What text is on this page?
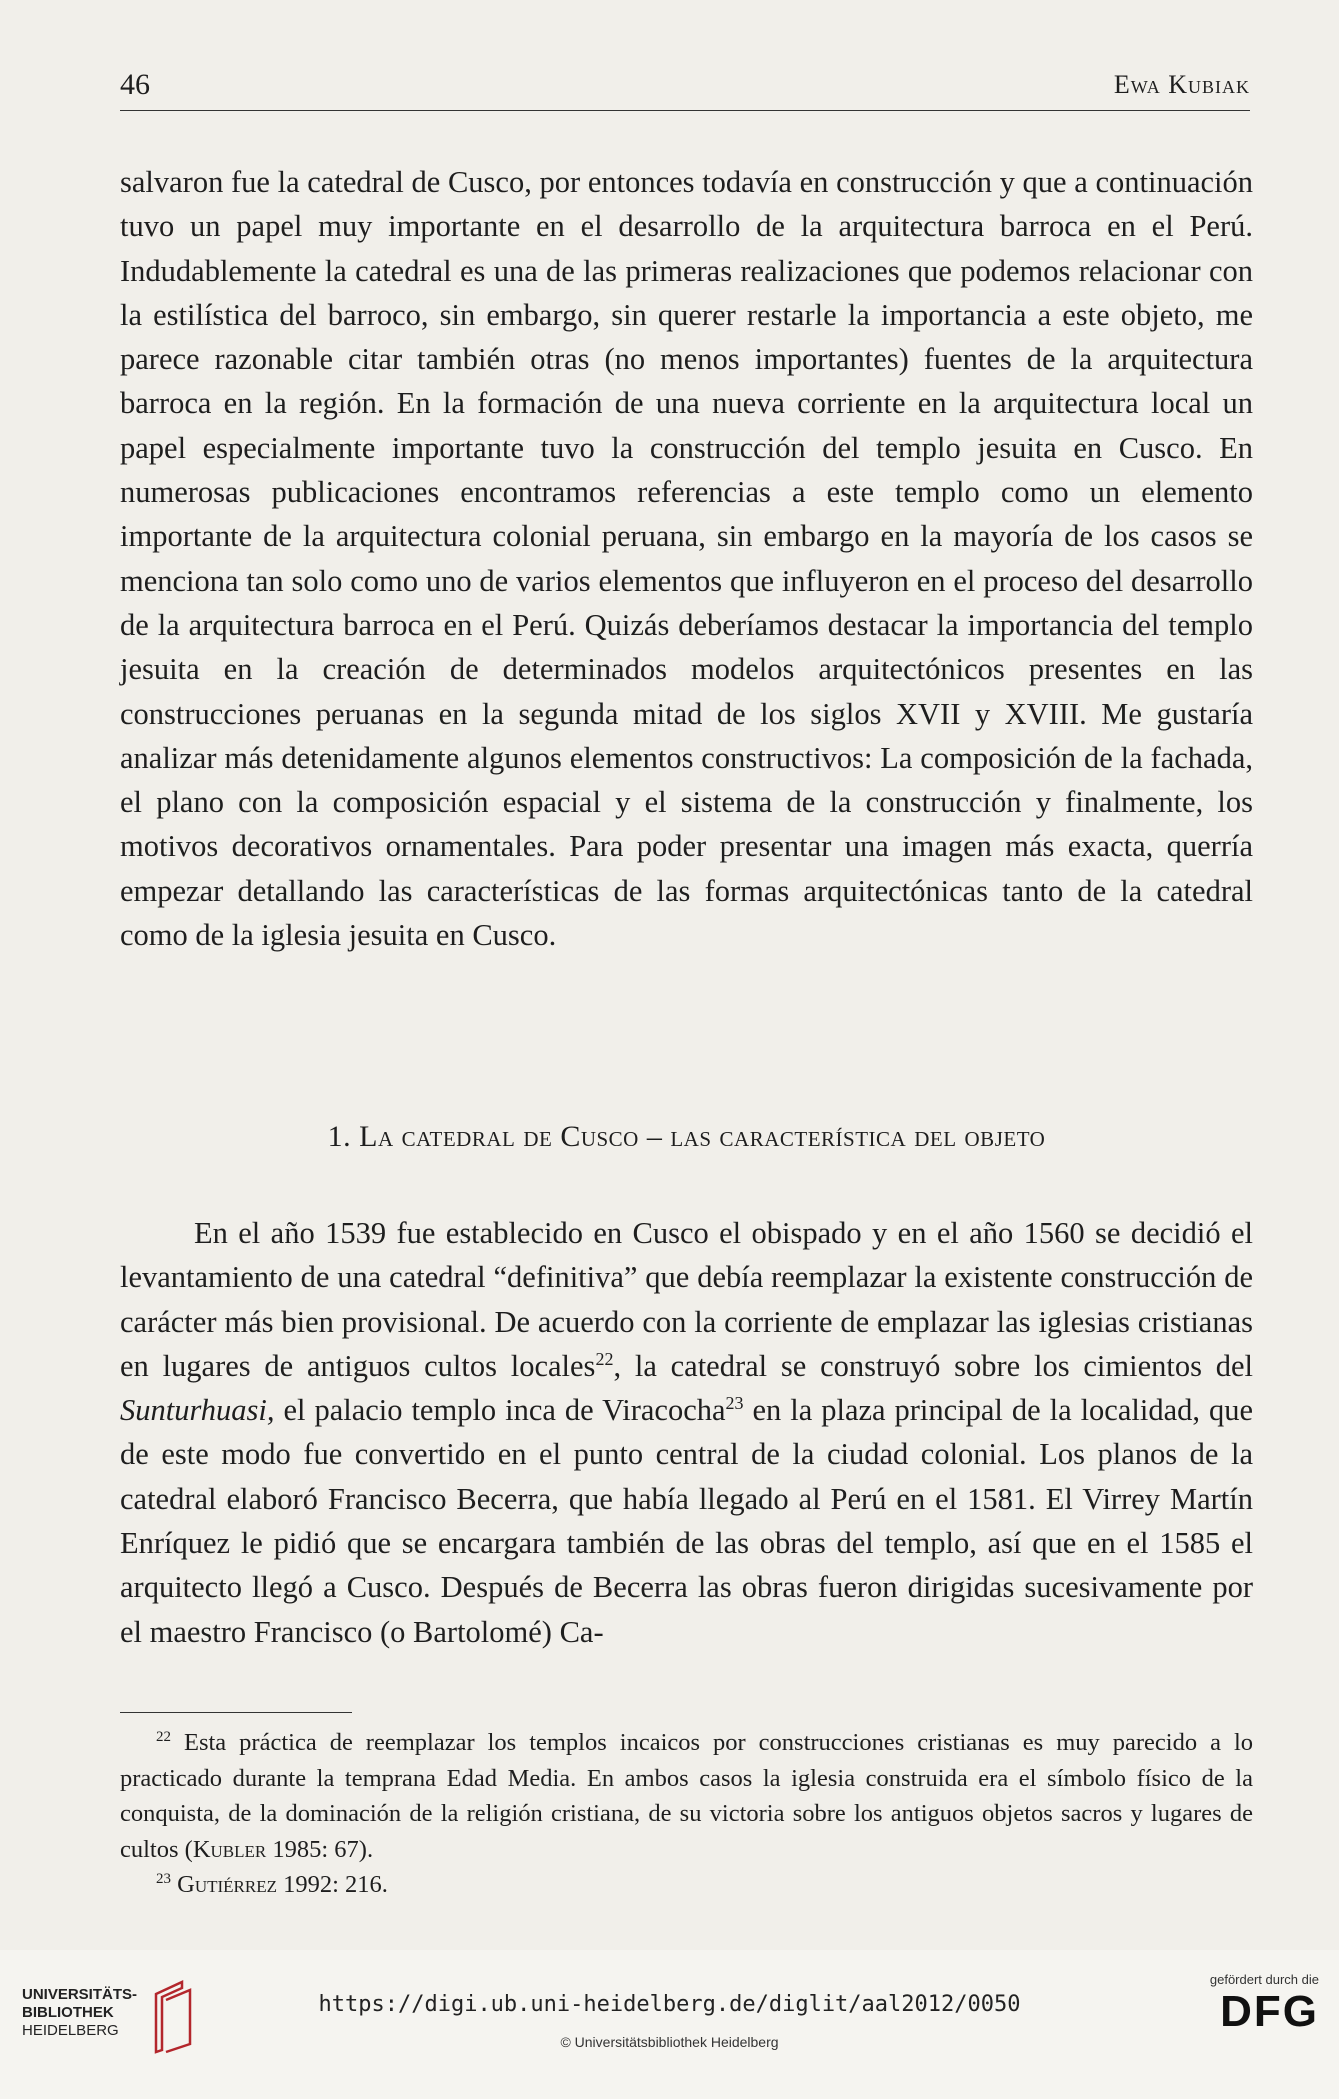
46	Ewa Kubiak

salvaron fue la catedral de Cusco, por entonces todavía en construcción y que a continuación tuvo un papel muy importante en el desarrollo de la arquitectura barroca en el Perú. Indudablemente la catedral es una de las primeras realizaciones que podemos relacionar con la estilística del barroco, sin embargo, sin querer restarle la importancia a este objeto, me parece razonable citar también otras (no menos importantes) fuentes de la arquitectura barroca en la región. En la formación de una nueva corriente en la arquitectura local un papel especialmente importante tuvo la construcción del templo jesuita en Cusco. En numerosas publicaciones encontramos referencias a este templo como un elemento importante de la arquitectura colonial peruana, sin embargo en la mayoría de los casos se menciona tan solo como uno de varios elementos que influyeron en el proceso del desarrollo de la arquitectura barroca en el Perú. Quizás deberíamos destacar la importancia del templo jesuita en la creación de determinados modelos arquitectónicos presentes en las construcciones peruanas en la segunda mitad de los siglos XVII y XVIII. Me gustaría analizar más detenidamente algunos elementos constructivos: La composición de la fachada, el plano con la composición espacial y el sistema de la construcción y finalmente, los motivos decorativos ornamentales. Para poder presentar una imagen más exacta, querría empezar detallando las características de las formas arquitectónicas tanto de la catedral como de la iglesia jesuita en Cusco.

1. La catedral de Cusco – las característica del objeto

En el año 1539 fue establecido en Cusco el obispado y en el año 1560 se decidió el levantamiento de una catedral “definitiva” que debía reemplazar la existente construcción de carácter más bien provisional. De acuerdo con la corriente de emplazar las iglesias cristianas en lugares de antiguos cultos locales$^{22}$, la catedral se construyó sobre los cimientos del Sunturhuasi, el palacio templo inca de Viracocha$^{23}$ en la plaza principal de la localidad, que de este modo fue convertido en el punto central de la ciudad colonial. Los planos de la catedral elaboró Francisco Becerra, que había llegado al Perú en el 1581. El Virrey Martín Enríquez le pidió que se encargara también de las obras del templo, así que en el 1585 el arquitecto llegó a Cusco. Después de Becerra las obras fueron dirigidas sucesivamente por el maestro Francisco (o Bartolomé) Ca-

$^{22}$ Esta práctica de reemplazar los templos incaicos por construcciones cristianas es muy parecido a lo practicado durante la temprana Edad Media. En ambos casos la iglesia construida era el símbolo físico de la conquista, de la dominación de la religión cristiana, de su victoria sobre los antiguos objetos sacros y lugares de cultos (Kubler 1985: 67).

$^{23}$ Gutiérrez 1992: 216.

UNIVERSITÄTS-
BIBLIOTHEK
HEIDELBERG
https://digi.ub.uni-heidelberg.de/diglit/aal2012/0050
© Universitätsbibliothek Heidelberg
gefördert durch die
DFG
